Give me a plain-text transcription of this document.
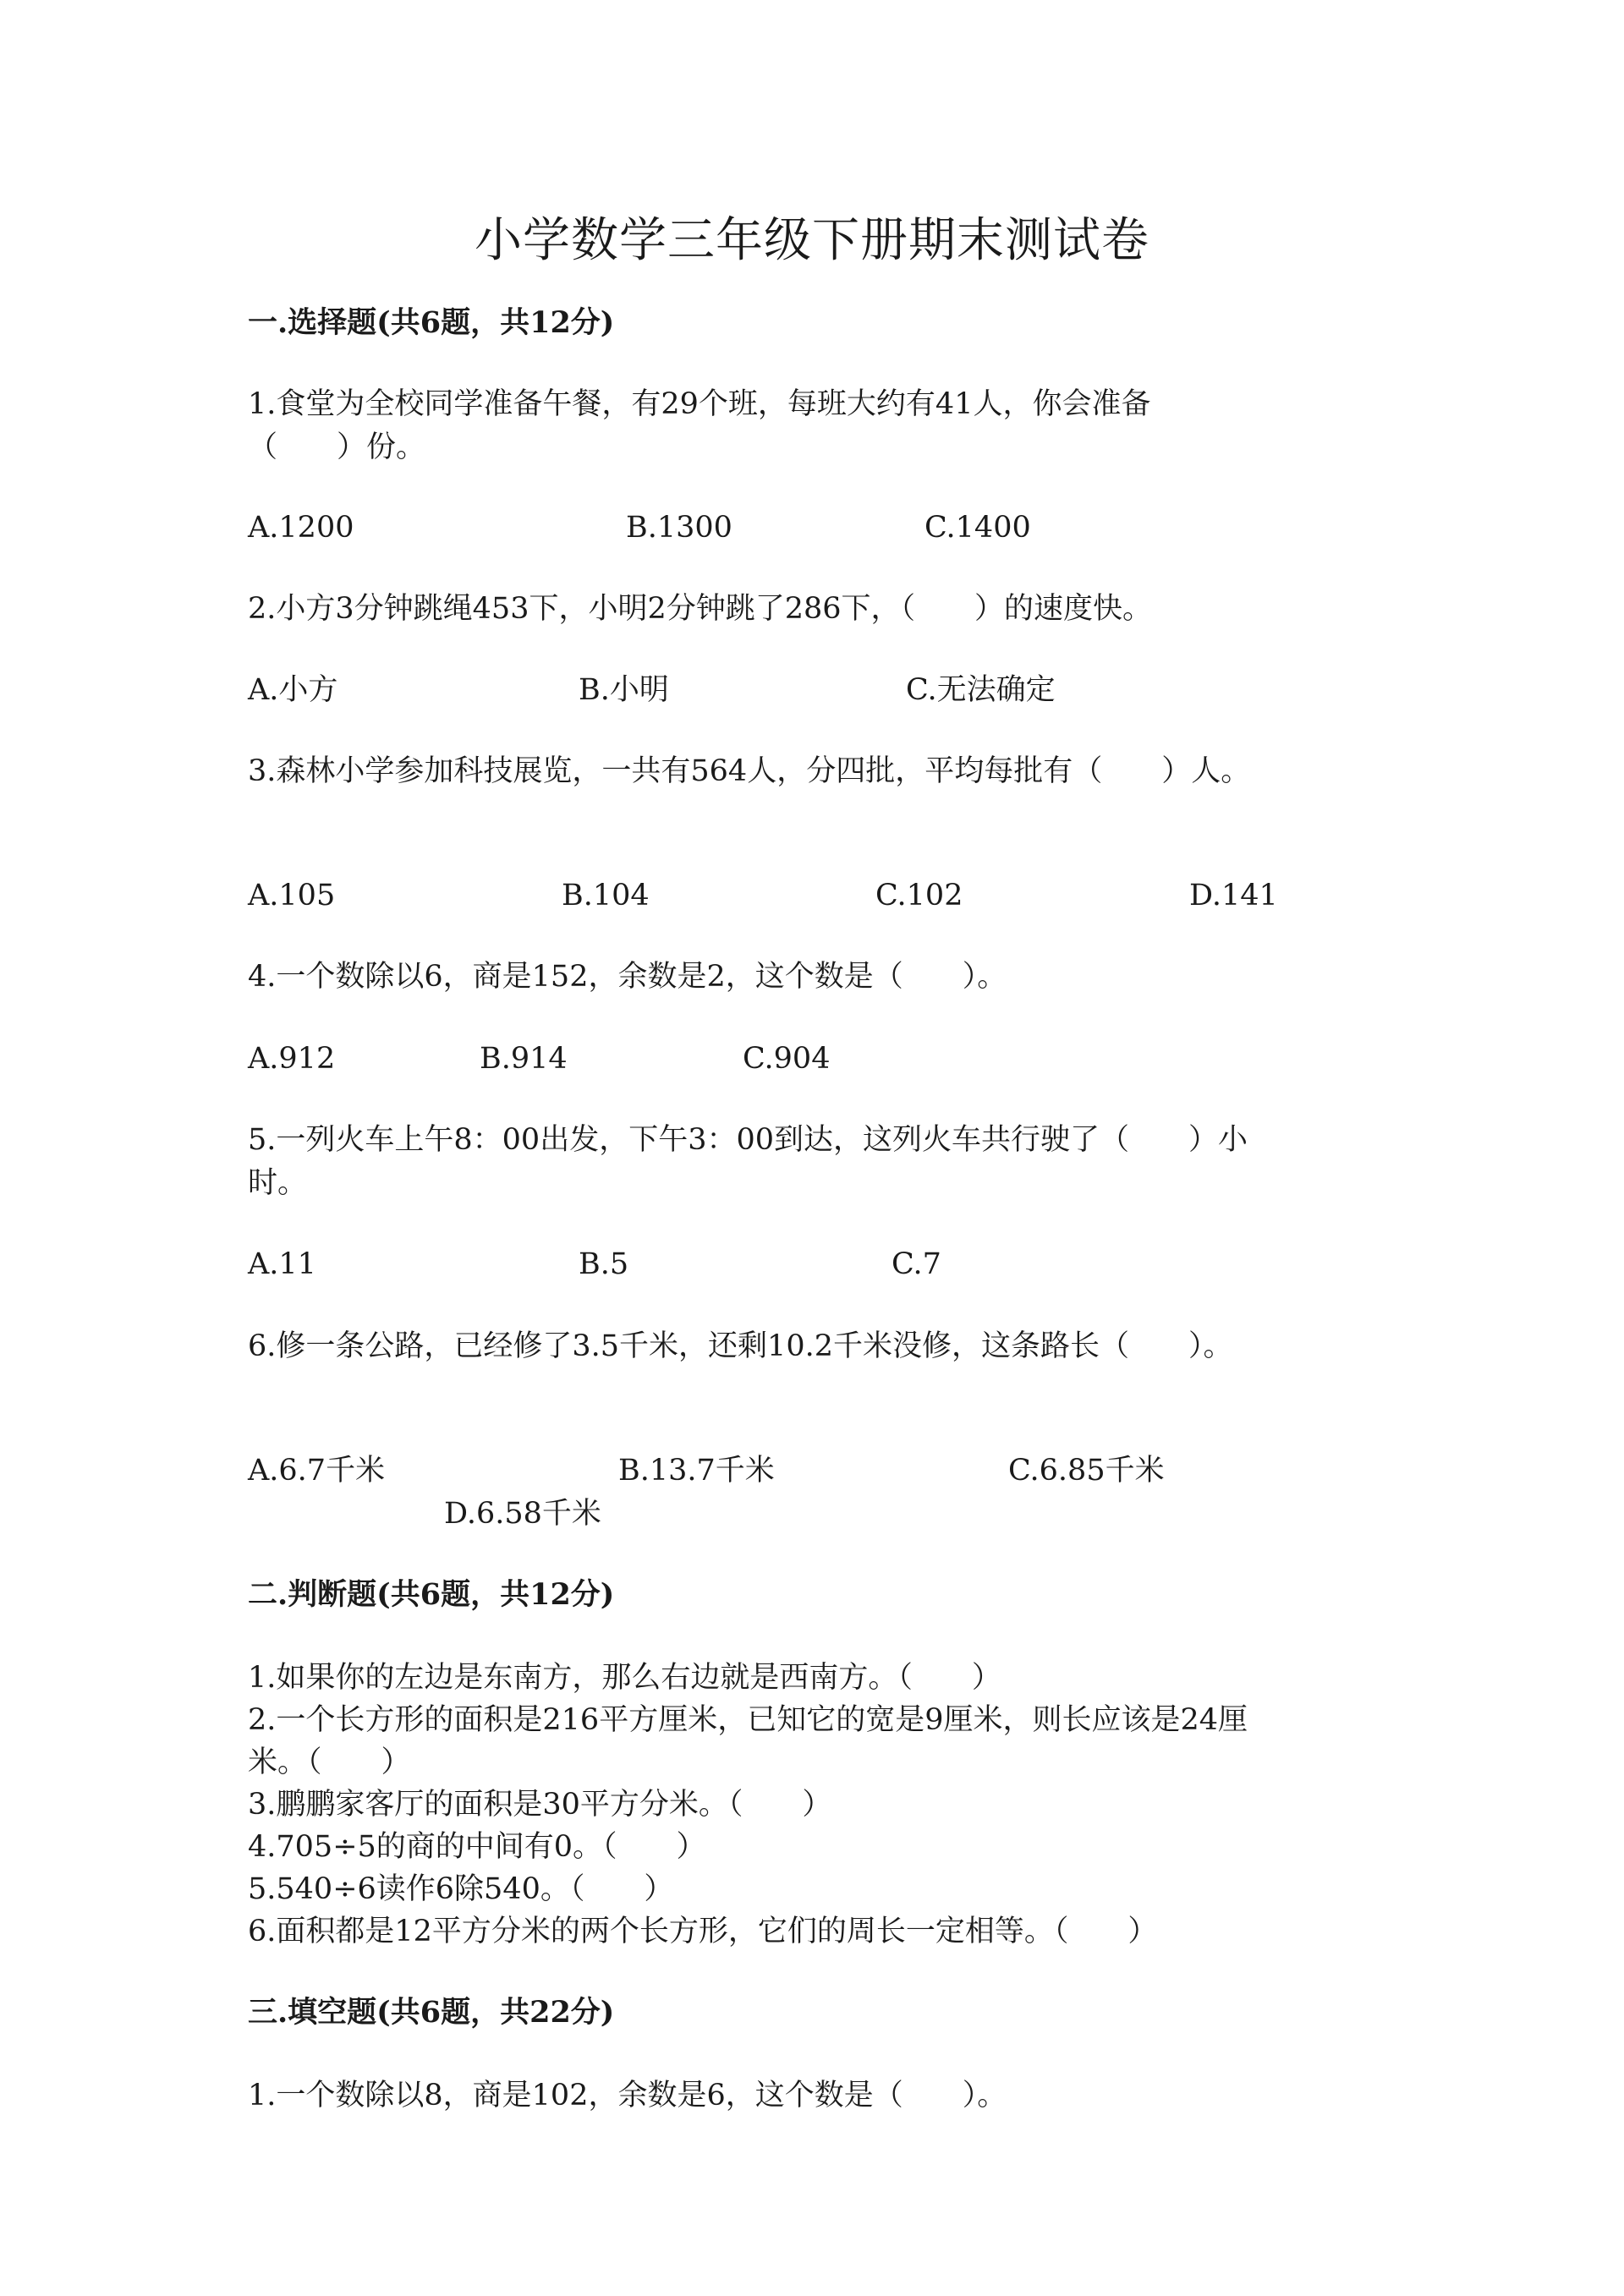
小学数学三年级下册期末测试卷
一.选择题(共6题，共12分)
1.食堂为全校同学准备午餐，有29个班，每班大约有41人，你会准备
（　　）份。
A.1200	B.1300	C.1400
2.小方3分钟跳绳453下，小明2分钟跳了286下，（　　）的速度快。
A.小方	B.小明	C.无法确定
3.森林小学参加科技展览，一共有564人，分四批，平均每批有（　　）人。
A.105	B.104	C.102	D.141
4.一个数除以6，商是152，余数是2，这个数是（　　）。
A.912	B.914	C.904
5.一列火车上午8：00出发，下午3：00到达，这列火车共行驶了（　　）小
时。
A.11	B.5	C.7
6.修一条公路，已经修了3.5千米，还剩10.2千米没修，这条路长（　　）。
A.6.7千米	B.13.7千米	C.6.85千米
D.6.58千米
二.判断题(共6题，共12分)
1.如果你的左边是东南方，那么右边就是西南方。（　　）
2.一个长方形的面积是216平方厘米，已知它的宽是9厘米，则长应该是24厘
米。（　　）
3.鹏鹏家客厅的面积是30平方分米。（　　）
4.705÷5的商的中间有0。（　　）
5.540÷6读作6除540。（　　）
6.面积都是12平方分米的两个长方形，它们的周长一定相等。（　　）
三.填空题(共6题，共22分)
1.一个数除以8，商是102，余数是6，这个数是（　　）。
